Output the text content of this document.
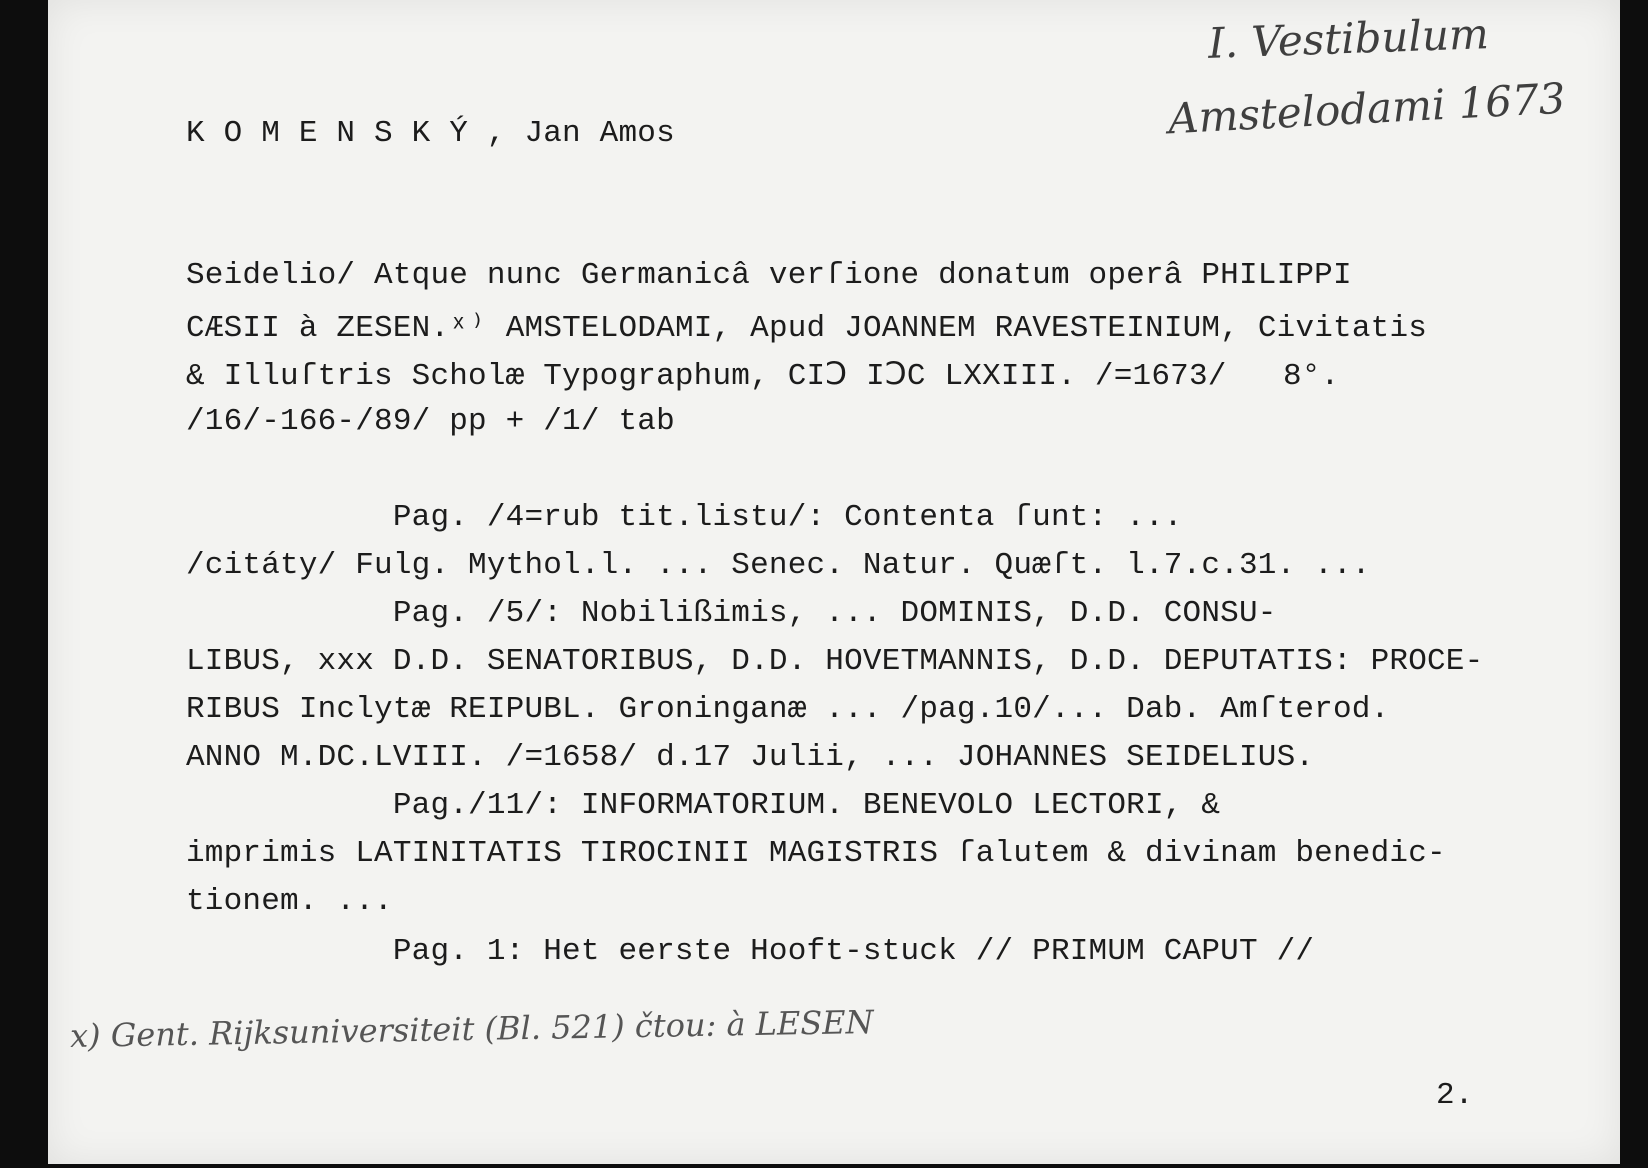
I. Vestibulum
Amstelodami 1673
K O M E N S K Ý , Jan Amos
Seidelio/ Atque nunc Germanicâ verſione donatum operâ PHILIPPI
CÆSII à ZESEN.ˣ⁾ AMSTELODAMI, Apud JOANNEM RAVESTEINIUM, Civitatis
& Illuſtris Scholæ Typographum, CIↃ IↃC LXXIII. /=1673/   8°.
/16/-166-/89/ pp + /1/ tab
Pag. /4=rub tit.listu/: Contenta ſunt: ...
/citáty/ Fulg. Mythol.l. ... Senec. Natur. Quæſt. l.7.c.31. ...
Pag. /5/: Nobilißimis, ... DOMINIS, D.D. CONSU-
LIBUS, xxx D.D. SENATORIBUS, D.D. HOVETMANNIS, D.D. DEPUTATIS: PROCE-
RIBUS Inclytæ REIPUBL. Groninganæ ... /pag.10/... Dab. Amſterod.
ANNO M.DC.LVIII. /=1658/ d.17 Julii, ... JOHANNES SEIDELIUS.
Pag./11/: INFORMATORIUM. BENEVOLO LECTORI, &
imprimis LATINITATIS TIROCINII MAGISTRIS ſalutem & divinam benedic-
tionem. ...
Pag. 1: Het eerste Hooft-stuck // PRIMUM CAPUT //
x) Gent. Rijksuniversiteit (Bl. 521) čtou: à LESEN
2.
